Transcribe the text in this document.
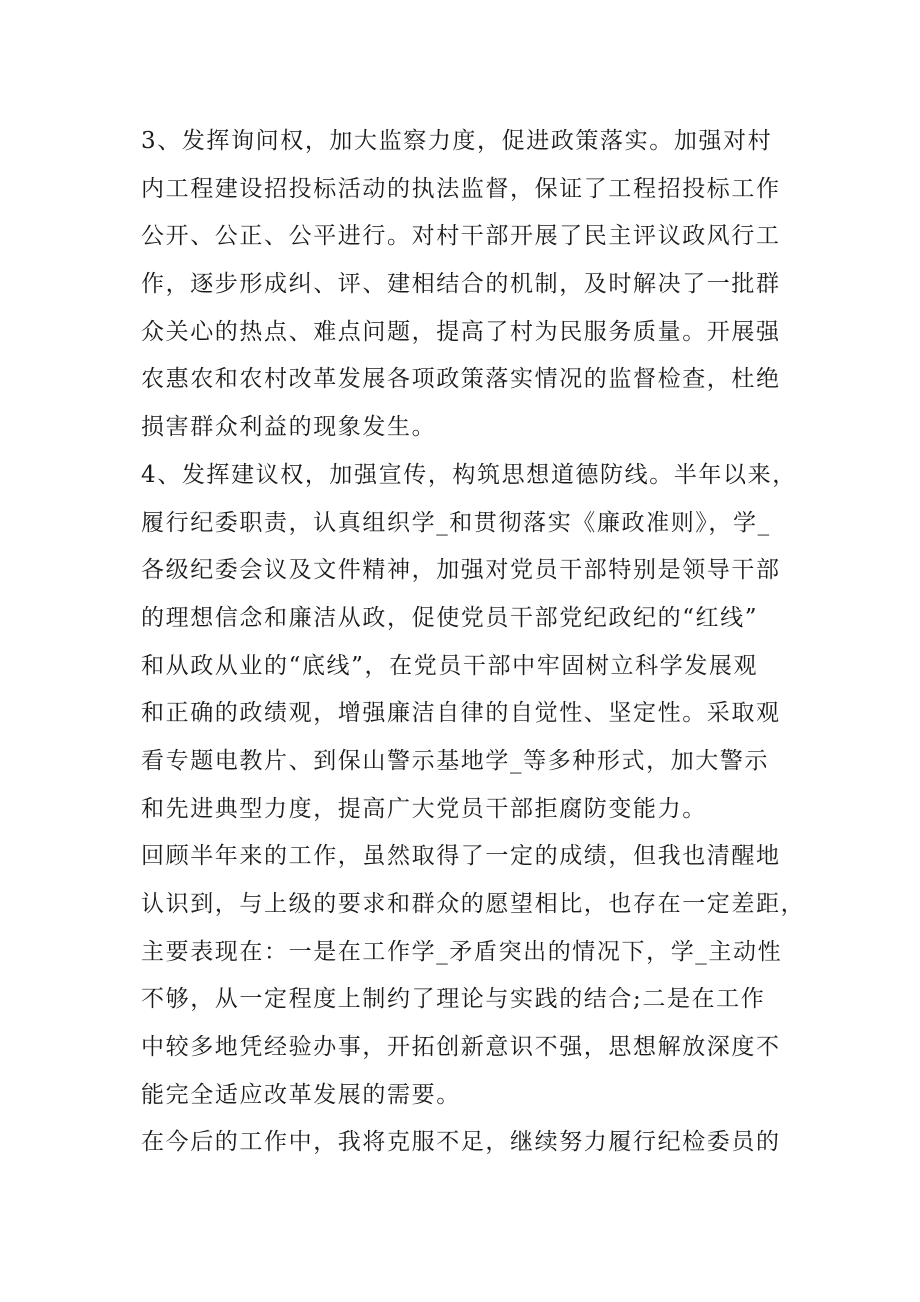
3、发挥询问权，加大监察力度，促进政策落实。加强对村
内工程建设招投标活动的执法监督，保证了工程招投标工作
公开、公正、公平进行。对村干部开展了民主评议政风行工
作，逐步形成纠、评、建相结合的机制，及时解决了一批群
众关心的热点、难点问题，提高了村为民服务质量。开展强
农惠农和农村改革发展各项政策落实情况的监督检查，杜绝
损害群众利益的现象发生。
4、发挥建议权，加强宣传，构筑思想道德防线。半年以来，
履行纪委职责，认真组织学_和贯彻落实《廉政准则》，学_
各级纪委会议及文件精神，加强对党员干部特别是领导干部
的理想信念和廉洁从政，促使党员干部党纪政纪的“红线”
和从政从业的“底线”，在党员干部中牢固树立科学发展观
和正确的政绩观，增强廉洁自律的自觉性、坚定性。采取观
看专题电教片、到保山警示基地学_等多种形式，加大警示
和先进典型力度，提高广大党员干部拒腐防变能力。
回顾半年来的工作，虽然取得了一定的成绩，但我也清醒地
认识到，与上级的要求和群众的愿望相比，也存在一定差距，
主要表现在：一是在工作学_矛盾突出的情况下，学_主动性
不够，从一定程度上制约了理论与实践的结合;二是在工作
中较多地凭经验办事，开拓创新意识不强，思想解放深度不
能完全适应改革发展的需要。
在今后的工作中，我将克服不足，继续努力履行纪检委员的
